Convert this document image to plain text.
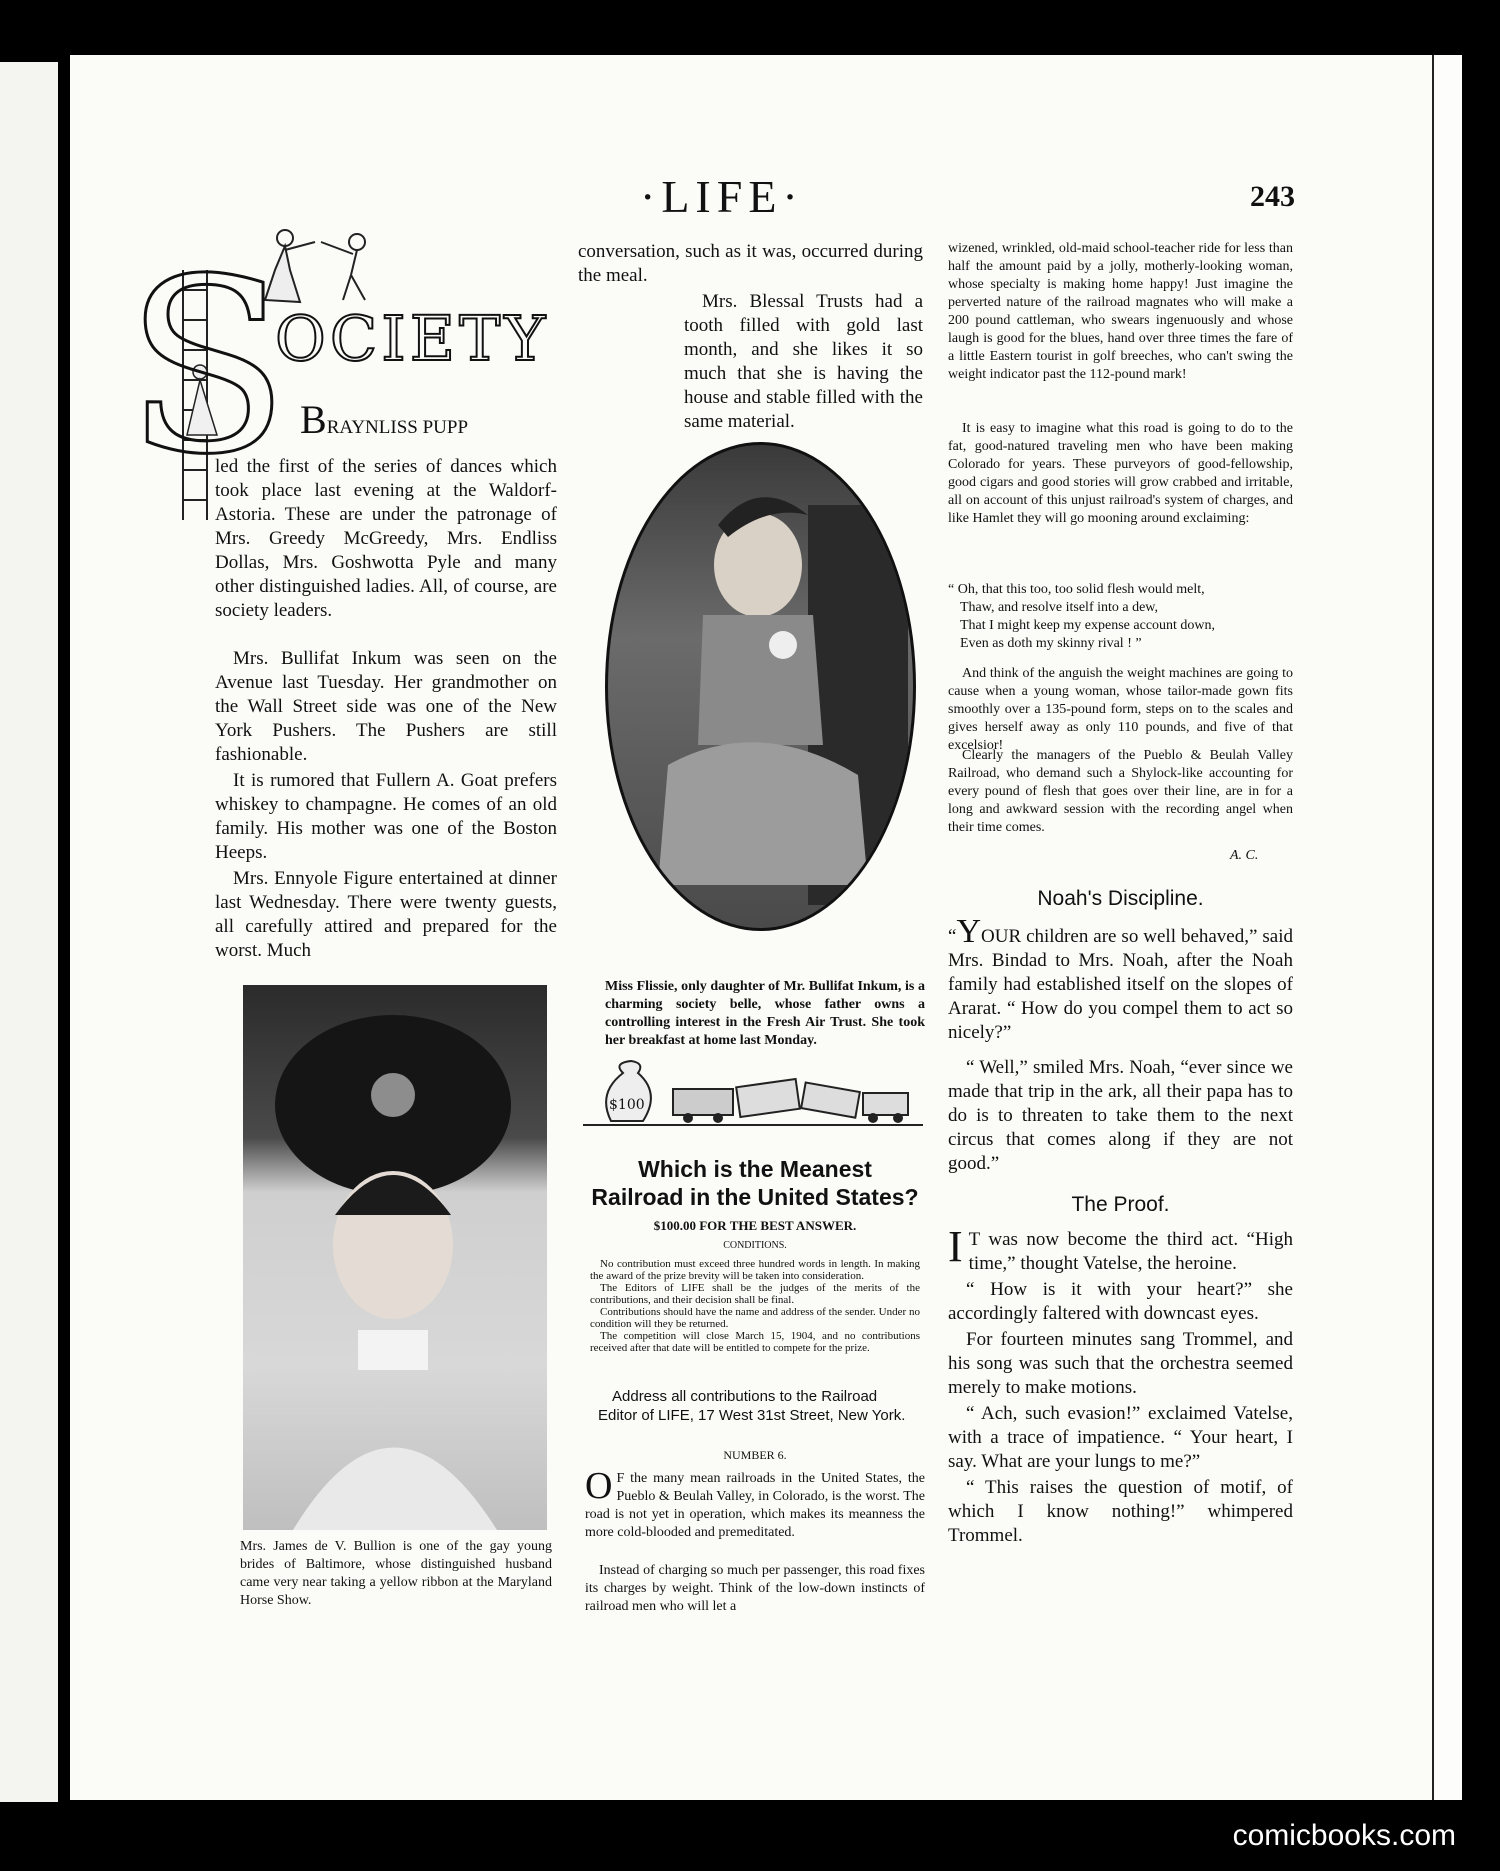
·LIFE·	243
S
OCIETY

BRAYNLISS PUPP

led the first of the series of dances which took place last evening at the Waldorf-Astoria. These are under the patronage of Mrs. Greedy McGreedy, Mrs. Endliss Dollas, Mrs. Goshwotta Pyle and many other distinguished ladies. All, of course, are society leaders.

Mrs. Bullifat Inkum was seen on the Avenue last Tuesday. Her grandmother on the Wall Street side was one of the New York Pushers. The Pushers are still fashionable.

It is rumored that Fullern A. Goat prefers whiskey to champagne. He comes of an old family. His mother was one of the Boston Heeps.

Mrs. Ennyole Figure entertained at dinner last Wednesday. There were twenty guests, all carefully attired and prepared for the worst. Much

Mrs. James de V. Bullion is one of the gay young brides of Baltimore, whose distinguished husband came very near taking a yellow ribbon at the Maryland Horse Show.
conversation, such as it was, occurred during the meal.
Mrs. Blessal Trusts had a tooth filled with gold last month, and she likes it so much that she is having the house and stable filled with the same material.
Miss Flissie, only daughter of Mr. Bullifat Inkum, is a charming society belle, whose father owns a controlling interest in the Fresh Air Trust. She took her breakfast at home last Monday.
$100
Which is the Meanest Railroad in the United States?
$100.00 FOR THE BEST ANSWER.
CONDITIONS.
No contribution must exceed three hundred words in length. In making the award of the prize brevity will be taken into consideration.
The Editors of LIFE shall be the judges of the merits of the contributions, and their decision shall be final.
Contributions should have the name and address of the sender. Under no condition will they be returned.
The competition will close March 15, 1904, and no contributions received after that date will be entitled to compete for the prize.
Address all contributions to the Railroad Editor of LIFE, 17 West 31st Street, New York.
NUMBER 6.
O F the many mean railroads in the United States, the Pueblo & Beulah Valley, in Colorado, is the worst. The road is not yet in operation, which makes its meanness the more cold-blooded and premeditated.
Instead of charging so much per passenger, this road fixes its charges by weight. Think of the low-down instincts of railroad men who will let a
wizened, wrinkled, old-maid school-teacher ride for less than half the amount paid by a jolly, motherly-looking woman, whose specialty is making home happy! Just imagine the perverted nature of the railroad magnates who will make a 200 pound cattleman, who swears ingenuously and whose laugh is good for the blues, hand over three times the fare of a little Eastern tourist in golf breeches, who can't swing the weight indicator past the 112-pound mark!
It is easy to imagine what this road is going to do to the fat, good-natured traveling men who have been making Colorado for years. These purveyors of good-fellowship, good cigars and good stories will grow crabbed and irritable, all on account of this unjust railroad's system of charges, and like Hamlet they will go mooning around exclaiming:
“ Oh, that this too, too solid flesh would melt,
Thaw, and resolve itself into a dew,
That I might keep my expense account down,
Even as doth my skinny rival ! ”
And think of the anguish the weight machines are going to cause when a young woman, whose tailor-made gown fits smoothly over a 135-pound form, steps on to the scales and gives herself away as only 110 pounds, and five of that excelsior!
Clearly the managers of the Pueblo & Beulah Valley Railroad, who demand such a Shylock-like accounting for every pound of flesh that goes over their line, are in for a long and awkward session with the recording angel when their time comes.
A. C.
Noah's Discipline.
“YOUR children are so well behaved,” said Mrs. Bindad to Mrs. Noah, after the Noah family had established itself on the slopes of Ararat. “ How do you compel them to act so nicely?”
“ Well,” smiled Mrs. Noah, “ever since we made that trip in the ark, all their papa has to do is to threaten to take them to the next circus that comes along if they are not good.”
The Proof.

I T was now become the third act. “High time,” thought Vatelse, the heroine.

“ How is it with your heart?” she accordingly faltered with downcast eyes.

For fourteen minutes sang Trommel, and his song was such that the orchestra seemed merely to make motions.

“ Ach, such evasion!” exclaimed Vatelse, with a trace of impatience. “ Your heart, I say. What are your lungs to me?”

“ This raises the question of motif, of which I know nothing!” whimpered Trommel.

comicbooks.com
